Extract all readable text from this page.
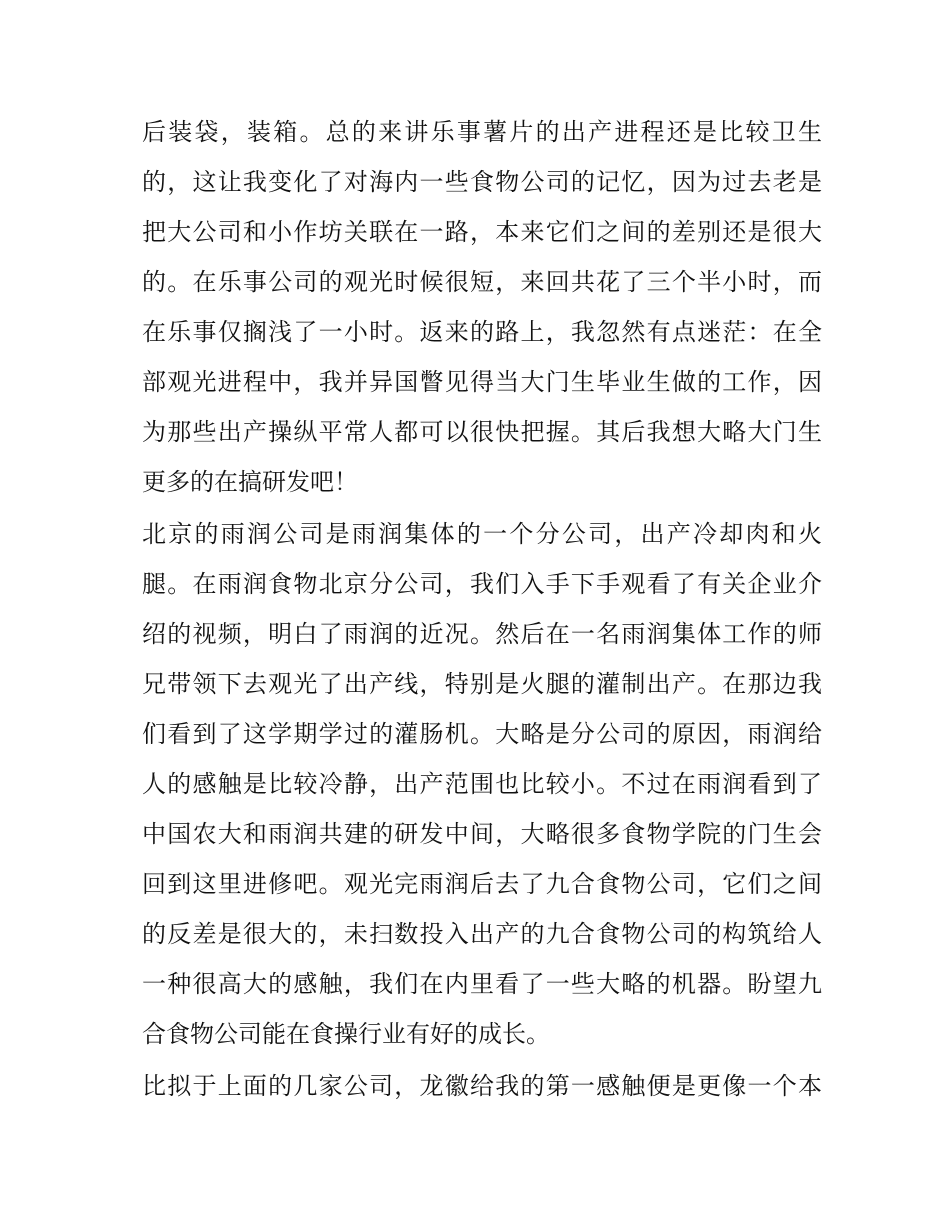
后装袋，装箱。总的来讲乐事薯片的出产进程还是比较卫生
的，这让我变化了对海内一些食物公司的记忆，因为过去老是
把大公司和小作坊关联在一路，本来它们之间的差别还是很大
的。在乐事公司的观光时候很短，来回共花了三个半小时，而
在乐事仅搁浅了一小时。返来的路上，我忽然有点迷茫：在全
部观光进程中，我并异国瞥见得当大门生毕业生做的工作，因
为那些出产操纵平常人都可以很快把握。其后我想大略大门生
更多的在搞研发吧！
北京的雨润公司是雨润集体的一个分公司，出产冷却肉和火
腿。在雨润食物北京分公司，我们入手下手观看了有关企业介
绍的视频，明白了雨润的近况。然后在一名雨润集体工作的师
兄带领下去观光了出产线，特别是火腿的灌制出产。在那边我
们看到了这学期学过的灌肠机。大略是分公司的原因，雨润给
人的感触是比较冷静，出产范围也比较小。不过在雨润看到了
中国农大和雨润共建的研发中间，大略很多食物学院的门生会
回到这里进修吧。观光完雨润后去了九合食物公司，它们之间
的反差是很大的，未扫数投入出产的九合食物公司的构筑给人
一种很高大的感触，我们在内里看了一些大略的机器。盼望九
合食物公司能在食操行业有好的成长。
比拟于上面的几家公司，龙徽给我的第一感触便是更像一个本
